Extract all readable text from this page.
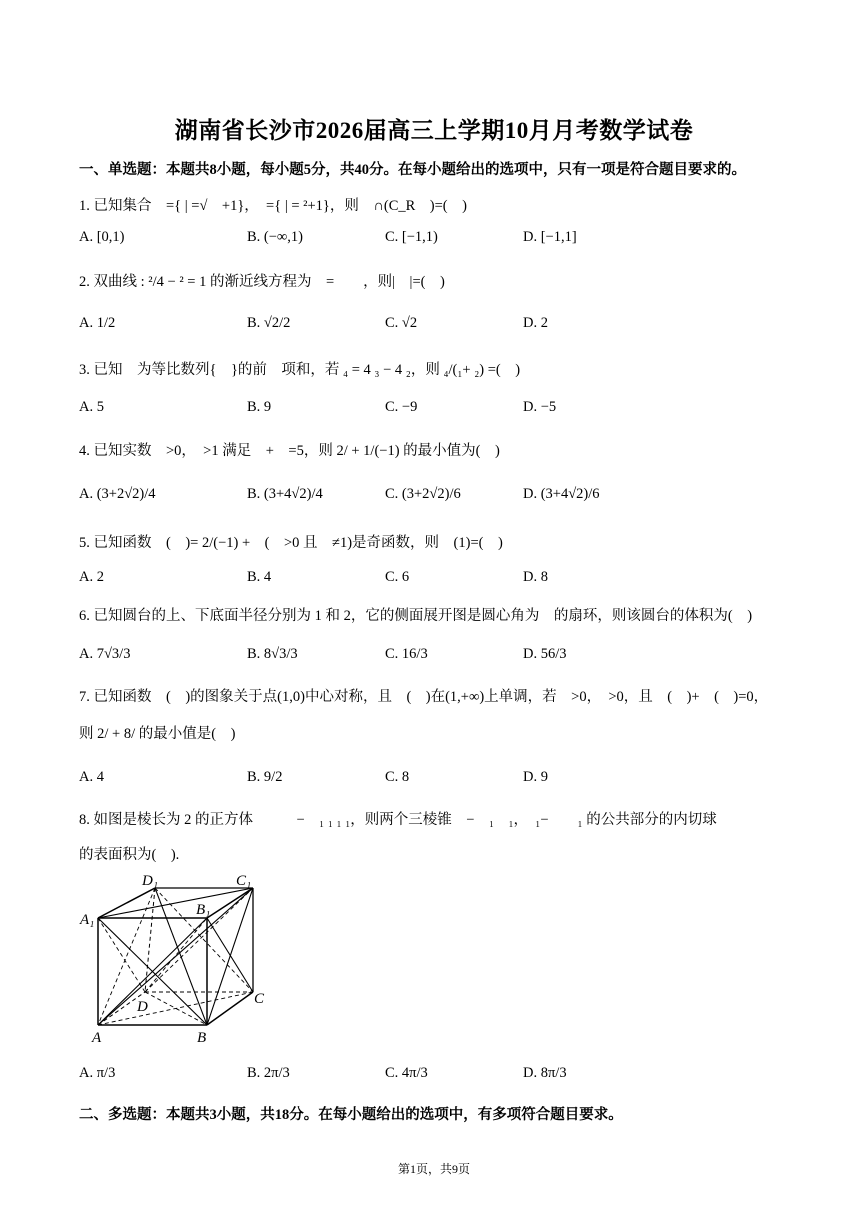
湖南省长沙市2026届高三上学期10月月考数学试卷
一、单选题：本题共8小题，每小题5分，共40分。在每小题给出的选项中，只有一项是符合题目要求的。
1. 已知集合　={ | =√　+1}，　={ | = ²+1}，则　∩(C_R　)=(　)
A. [0,1)	B. (−∞,1)	C. [−1,1)	D. [−1,1]
2. 双曲线 : ²/4 − ² = 1 的渐近线方程为　=　　，则|　|=(　)
A. 1/2	B. √2/2	C. √2	D. 2
3. 已知　为等比数列{　}的前　项和，若 ₄ = 4 ₃ − 4 ₂，则 ₄/(₁+ ₂) =(　)
A. 5	B. 9	C. −9	D. −5
4. 已知实数　>0，　>1 满足　+　=5，则 2/ + 1/(−1) 的最小值为(　)
A. (3+2√2)/4	B. (3+4√2)/4	C. (3+2√2)/6	D. (3+4√2)/6
5. 已知函数　(　)= 2/(−1) +　(　>0 且　≠1)是奇函数，则　(1)=(　)
A. 2	B. 4	C. 6	D. 8
6. 已知圆台的上、下底面半径分别为 1 和 2，它的侧面展开图是圆心角为　的扇环，则该圆台的体积为(　)
A. 7√3/3	B. 8√3/3	C. 16/3	D. 56/3
7. 已知函数　(　)的图象关于点(1,0)中心对称，且　(　)在(1,+∞)上单调，若　>0，　>0，且　(　)+　(　)=0，
则 2/ + 8/ 的最小值是(　)
A. 4	B. 9/2	C. 8	D. 9
8. 如图是棱长为 2 的正方体　　　−　₁ ₁ ₁ ₁，则两个三棱锥　−　₁　₁，　₁−　　₁ 的公共部分的内切球
的表面积为(　).
D₁	C₁
A₁
B₁
D	C
A	B
A. π/3	B. 2π/3	C. 4π/3	D. 8π/3
二、多选题：本题共3小题，共18分。在每小题给出的选项中，有多项符合题目要求。
第1页，共9页
